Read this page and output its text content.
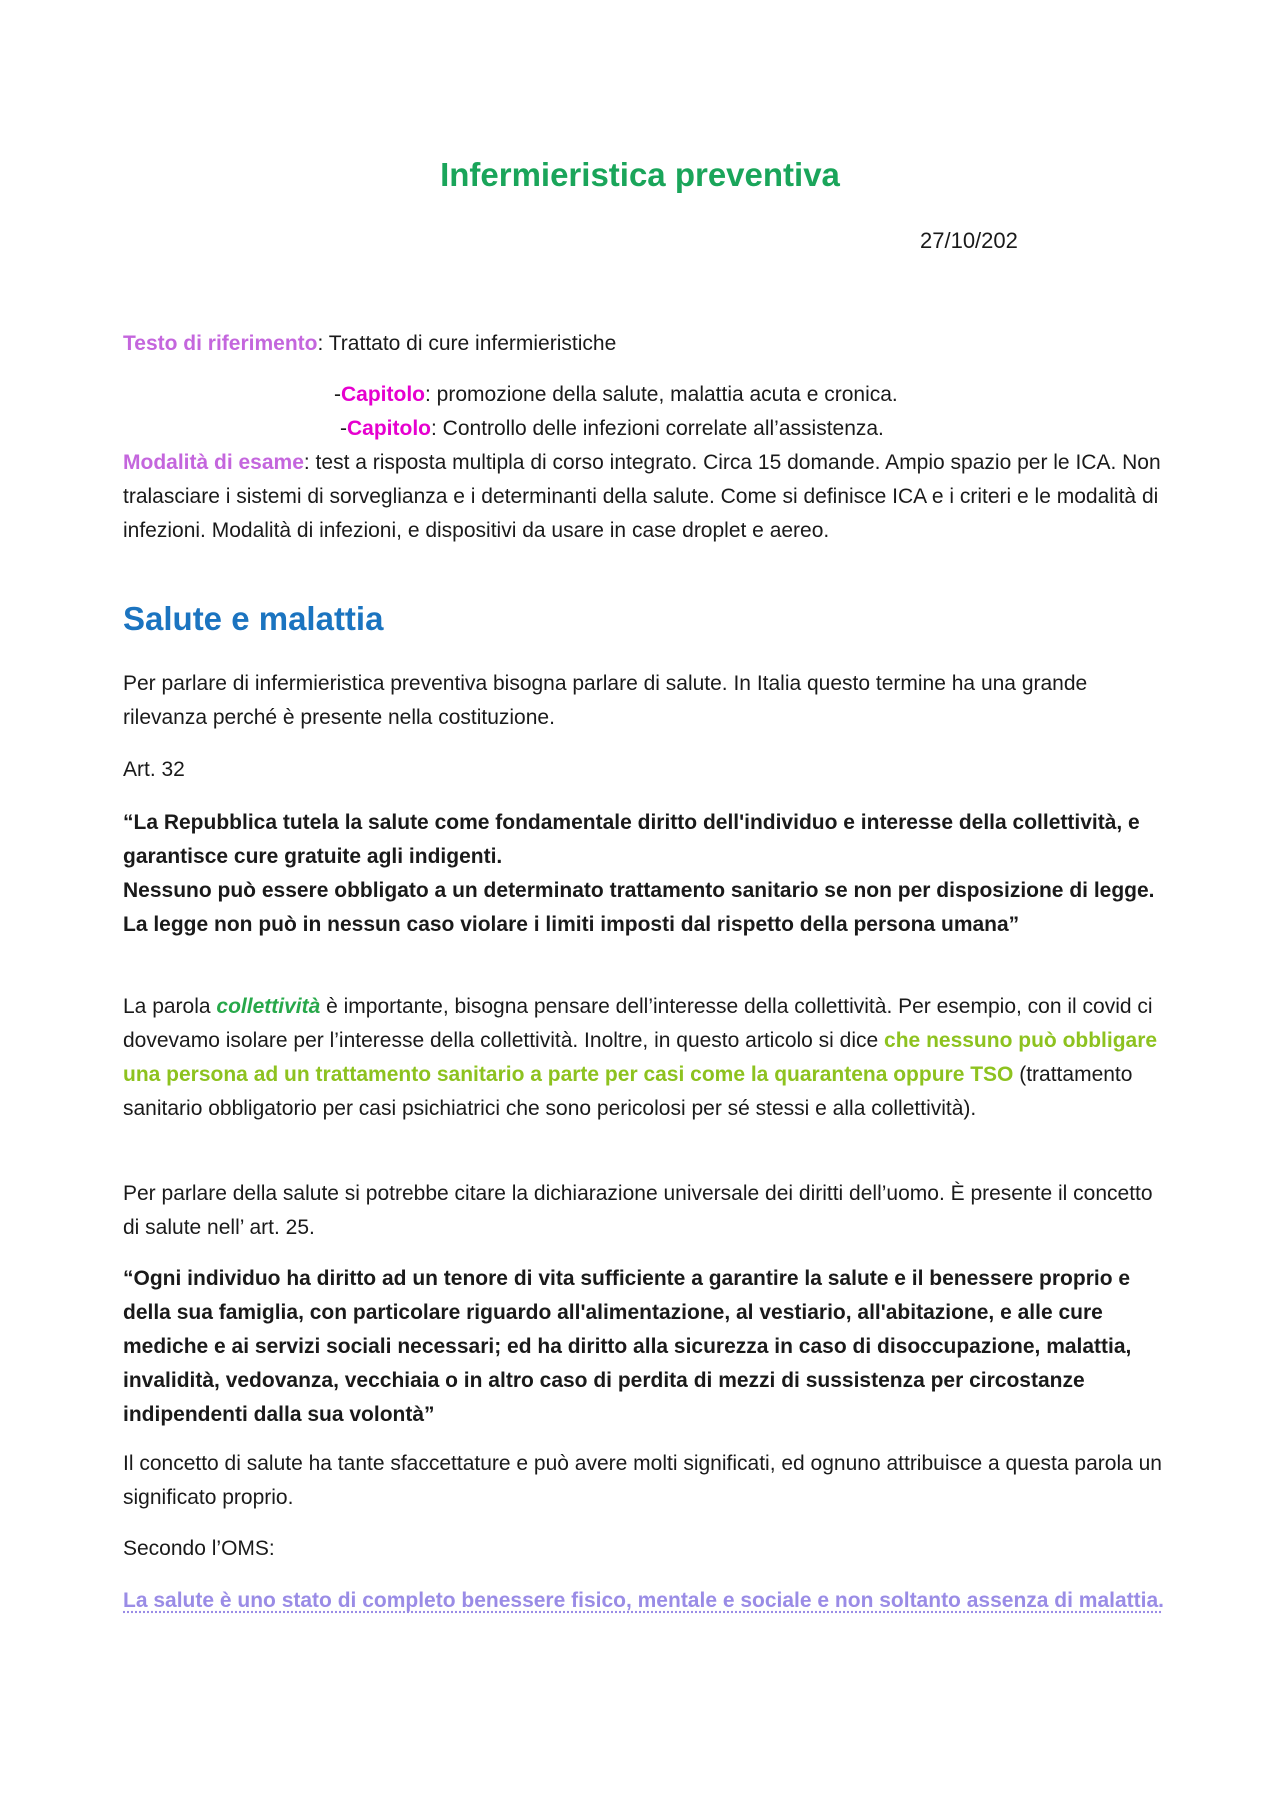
Infermieristica preventiva
27/10/202
Testo di riferimento: Trattato di cure infermieristiche
-Capitolo: promozione della salute, malattia acuta e cronica.
-Capitolo: Controllo delle infezioni correlate all’assistenza.
Modalità di esame: test a risposta multipla di corso integrato. Circa 15 domande. Ampio spazio per le ICA. Non tralasciare i sistemi di sorveglianza e i determinanti della salute. Come si definisce ICA e i criteri e le modalità di infezioni. Modalità di infezioni, e dispositivi da usare in case droplet e aereo.
Salute e malattia
Per parlare di infermieristica preventiva bisogna parlare di salute. In Italia questo termine ha una grande rilevanza perché è presente nella costituzione.
Art. 32
“La Repubblica tutela la salute come fondamentale diritto dell'individuo e interesse della collettività, e garantisce cure gratuite agli indigenti.
Nessuno può essere obbligato a un determinato trattamento sanitario se non per disposizione di legge. La legge non può in nessun caso violare i limiti imposti dal rispetto della persona umana”
La parola collettività è importante, bisogna pensare dell’interesse della collettività. Per esempio, con il covid ci dovevamo isolare per l’interesse della collettività. Inoltre, in questo articolo si dice che nessuno può obbligare una persona ad un trattamento sanitario a parte per casi come la quarantena oppure TSO (trattamento sanitario obbligatorio per casi psichiatrici che sono pericolosi per sé stessi e alla collettività).
Per parlare della salute si potrebbe citare la dichiarazione universale dei diritti dell’uomo. È presente il concetto di salute nell’ art. 25.
“Ogni individuo ha diritto ad un tenore di vita sufficiente a garantire la salute e il benessere proprio e della sua famiglia, con particolare riguardo all'alimentazione, al vestiario, all'abitazione, e alle cure mediche e ai servizi sociali necessari; ed ha diritto alla sicurezza in caso di disoccupazione, malattia, invalidità, vedovanza, vecchiaia o in altro caso di perdita di mezzi di sussistenza per circostanze indipendenti dalla sua volontà”
Il concetto di salute ha tante sfaccettature e può avere molti significati, ed ognuno attribuisce a questa parola un significato proprio.
Secondo l’OMS:
La salute è uno stato di completo benessere fisico, mentale e sociale e non soltanto assenza di malattia.
